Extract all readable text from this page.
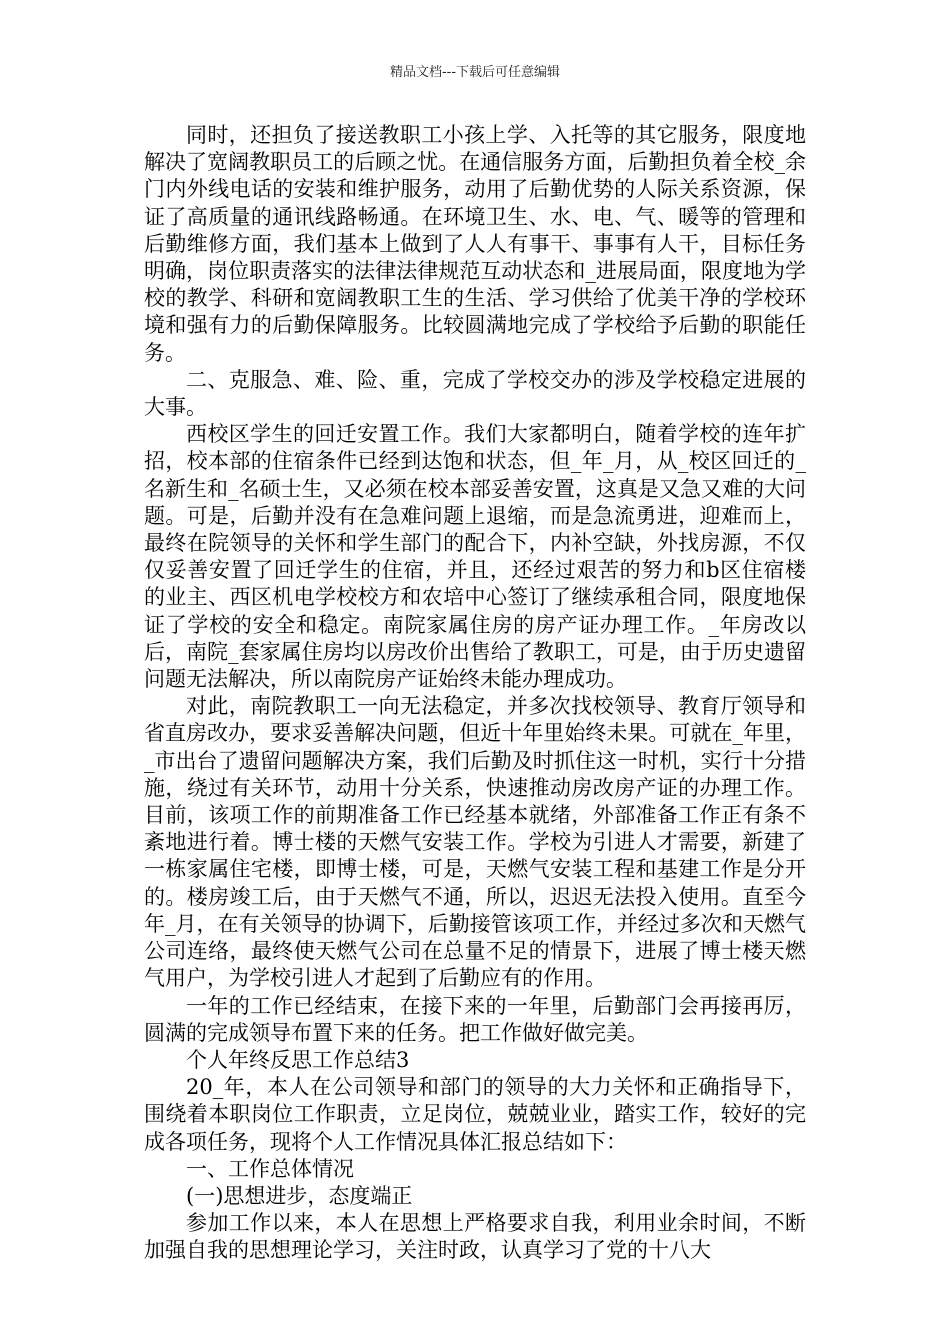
精品文档---下载后可任意编辑

同时，还担负了接送教职工小孩上学、入托等的其它服务，限度地解决了宽阔教职员工的后顾之忧。在通信服务方面，后勤担负着全校_余门内外线电话的安装和维护服务，动用了后勤优势的人际关系资源，保证了高质量的通讯线路畅通。在环境卫生、水、电、气、暖等的管理和后勤维修方面，我们基本上做到了人人有事干、事事有人干，目标任务明确，岗位职责落实的法律法律规范互动状态和_进展局面，限度地为学校的教学、科研和宽阔教职工生的生活、学习供给了优美干净的学校环境和强有力的后勤保障服务。比较圆满地完成了学校给予后勤的职能任务。

二、克服急、难、险、重，完成了学校交办的涉及学校稳定进展的大事。

西校区学生的回迁安置工作。我们大家都明白，随着学校的连年扩招，校本部的住宿条件已经到达饱和状态，但_年_月，从_校区回迁的_名新生和_名硕士生，又必须在校本部妥善安置，这真是又急又难的大问题。可是，后勤并没有在急难问题上退缩，而是急流勇进，迎难而上，最终在院领导的关怀和学生部门的配合下，内补空缺，外找房源，不仅仅妥善安置了回迁学生的住宿，并且，还经过艰苦的努力和b区住宿楼的业主、西区机电学校校方和农培中心签订了继续承租合同，限度地保证了学校的安全和稳定。南院家属住房的房产证办理工作。_年房改以后，南院_套家属住房均以房改价出售给了教职工，可是，由于历史遗留问题无法解决，所以南院房产证始终未能办理成功。

对此，南院教职工一向无法稳定，并多次找校领导、教育厅领导和省直房改办，要求妥善解决问题，但近十年里始终未果。可就在_年里，_市出台了遗留问题解决方案，我们后勤及时抓住这一时机，实行十分措施，绕过有关环节，动用十分关系，快速推动房改房产证的办理工作。目前，该项工作的前期准备工作已经基本就绪，外部准备工作正有条不紊地进行着。博士楼的天燃气安装工作。学校为引进人才需要，新建了一栋家属住宅楼，即博士楼，可是，天燃气安装工程和基建工作是分开的。楼房竣工后，由于天燃气不通，所以，迟迟无法投入使用。直至今年_月，在有关领导的协调下，后勤接管该项工作，并经过多次和天燃气公司连络，最终使天燃气公司在总量不足的情景下，进展了博士楼天燃气用户，为学校引进人才起到了后勤应有的作用。

一年的工作已经结束，在接下来的一年里，后勤部门会再接再厉，圆满的完成领导布置下来的任务。把工作做好做完美。

个人年终反思工作总结3

20_年，本人在公司领导和部门的领导的大力关怀和正确指导下，围绕着本职岗位工作职责，立足岗位，兢兢业业，踏实工作，较好的完成各项任务，现将个人工作情况具体汇报总结如下：

一、工作总体情况

(一)思想进步，态度端正

参加工作以来，本人在思想上严格要求自我，利用业余时间，不断加强自我的思想理论学习，关注时政，认真学习了党的十八大
